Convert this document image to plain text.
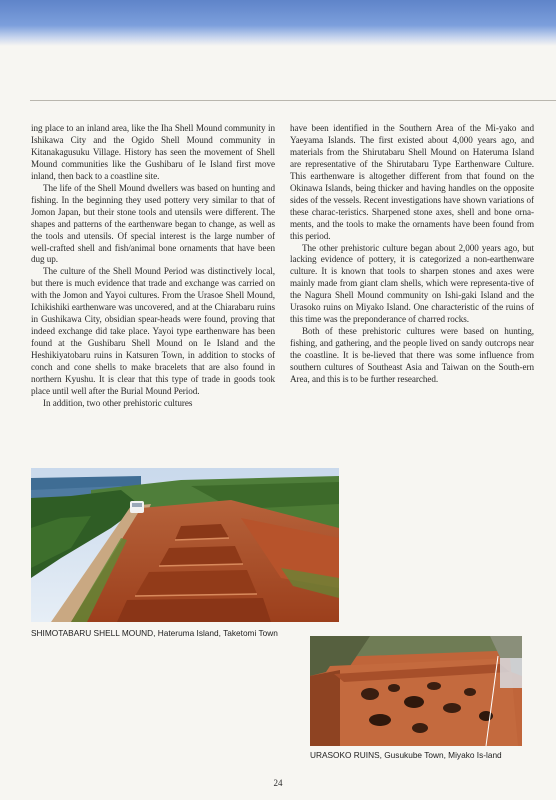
ing place to an inland area, like the Iha Shell Mound community in Ishikawa City and the Ogido Shell Mound community in Kitanakagusuku Village. History has seen the movement of Shell Mound communities like the Gushibaru of Ie Island first move inland, then back to a coastline site.

The life of the Shell Mound dwellers was based on hunting and fishing. In the beginning they used pottery very similar to that of Jomon Japan, but their stone tools and utensils were different. The shapes and patterns of the earthenware began to change, as well as the tools and utensils. Of special interest is the large number of well-crafted shell and fish/animal bone ornaments that have been dug up.

The culture of the Shell Mound Period was distinctively local, but there is much evidence that trade and exchange was carried on with the Jomon and Yayoi cultures. From the Urasoe Shell Mound, Ichikishiki earthenware was uncovered, and at the Chiarabaru ruins in Gushikawa City, obsidian spear-heads were found, proving that indeed exchange did take place. Yayoi type earthenware has been found at the Gushibaru Shell Mound on Ie Island and the Heshikiyatobaru ruins in Katsuren Town, in addition to stocks of conch and cone shells to make bracelets that are also found in northern Kyushu. It is clear that this type of trade in goods took place until well after the Burial Mound Period.

In addition, two other prehistoric cultures

have been identified in the Southern Area of the Mi-yako and Yaeyama Islands. The first existed about 4,000 years ago, and materials from the Shirutabaru Shell Mound on Hateruma Island are representative of the Shirutabaru Type Earthenware Culture. This earthenware is altogether different from that found on the Okinawa Islands, being thicker and having handles on the opposite sides of the vessels. Recent investigations have shown variations of these charac-teristics. Sharpened stone axes, shell and bone orna-ments, and the tools to make the ornaments have been found from this period.

The other prehistoric culture began about 2,000 years ago, but lacking evidence of pottery, it is categorized a non-earthenware culture. It is known that tools to sharpen stones and axes were mainly made from giant clam shells, which were representa-tive of the Nagura Shell Mound community on Ishi-gaki Island and the Urasoko ruins on Miyako Island. One characteristic of the ruins of this time was the preponderance of charred rocks.

Both of these prehistoric cultures were based on hunting, fishing, and gathering, and the people lived on sandy outcrops near the coastline. It is be-lieved that there was some influence from southern cultures of Southeast Asia and Taiwan on the South-ern Area, and this is to be further researched.

SHIMOTABARU SHELL MOUND, Hateruma Island, Taketomi Town
URASOKO RUINS, Gusukube Town, Miyako Is-land
24
